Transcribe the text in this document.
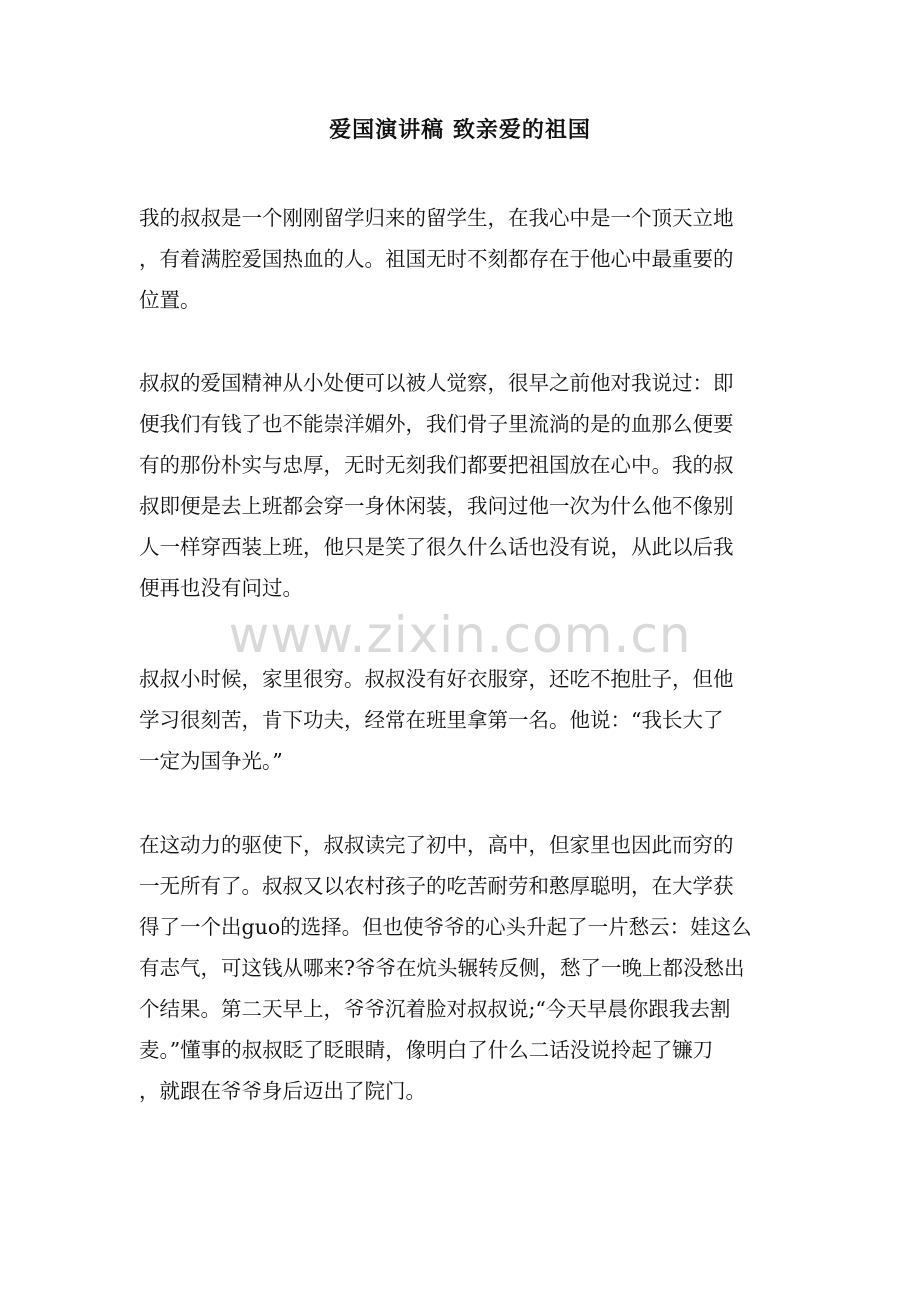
爱国演讲稿 致亲爱的祖国
我的叔叔是一个刚刚留学归来的留学生，在我心中是一个顶天立地
，有着满腔爱国热血的人。祖国无时不刻都存在于他心中最重要的
位置。
叔叔的爱国精神从小处便可以被人觉察，很早之前他对我说过：即
便我们有钱了也不能崇洋媚外，我们骨子里流淌的是的血那么便要
有的那份朴实与忠厚，无时无刻我们都要把祖国放在心中。我的叔
叔即便是去上班都会穿一身休闲装，我问过他一次为什么他不像别
人一样穿西装上班，他只是笑了很久什么话也没有说，从此以后我
便再也没有问过。
叔叔小时候，家里很穷。叔叔没有好衣服穿，还吃不抱肚子，但他
学习很刻苦，肯下功夫，经常在班里拿第一名。他说：“我长大了
一定为国争光。”
在这动力的驱使下，叔叔读完了初中，高中，但家里也因此而穷的
一无所有了。叔叔又以农村孩子的吃苦耐劳和憨厚聪明，在大学获
得了一个出guo的选择。但也使爷爷的心头升起了一片愁云：娃这么
有志气，可这钱从哪来?爷爷在炕头辗转反侧，愁了一晚上都没愁出
个结果。第二天早上，爷爷沉着脸对叔叔说;“今天早晨你跟我去割
麦。”懂事的叔叔眨了眨眼睛，像明白了什么二话没说拎起了镰刀
，就跟在爷爷身后迈出了院门。
www.zixin.com.cn
